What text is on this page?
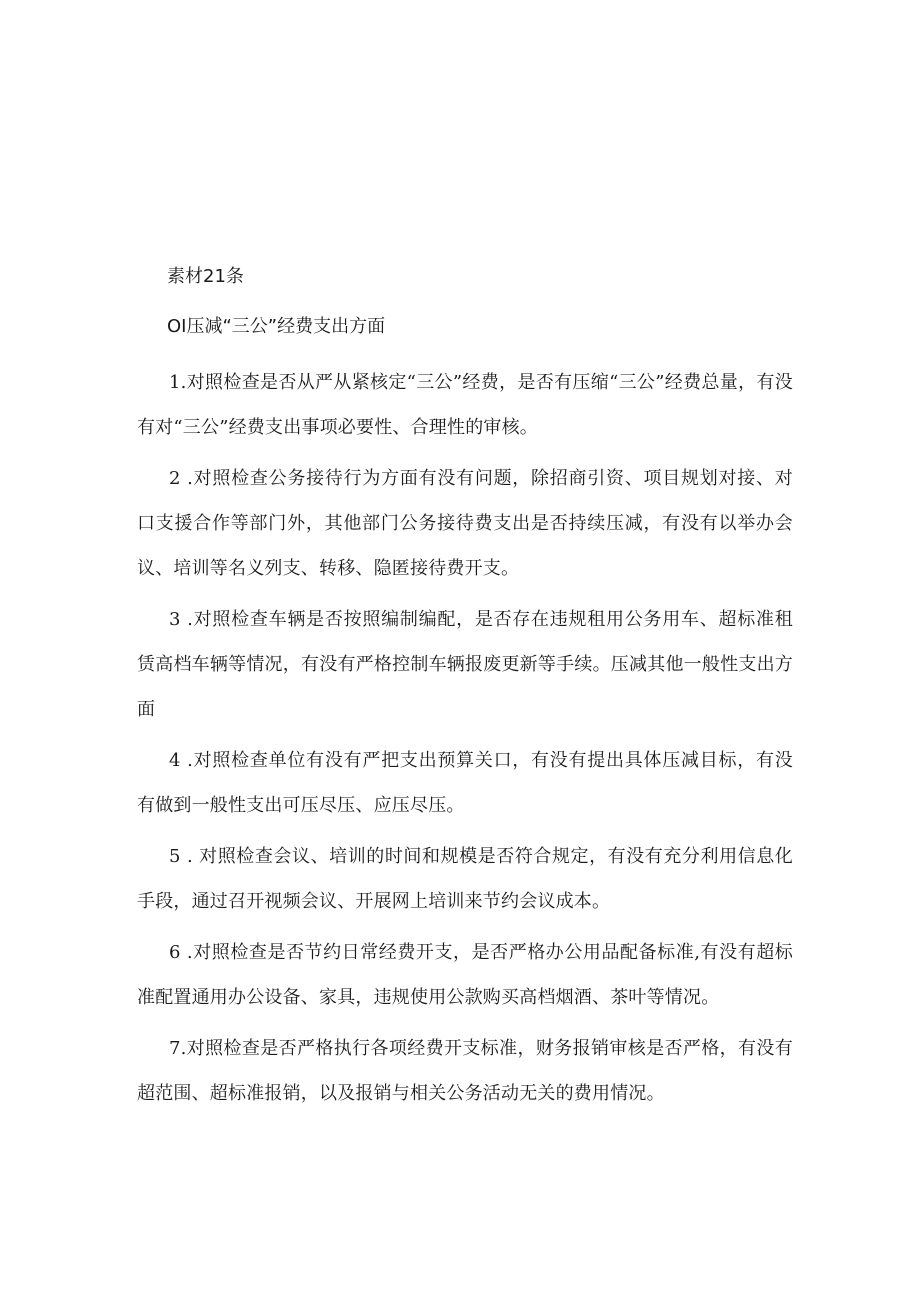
素材21条

OI压减“三公”经费支出方面

1.对照检查是否从严从紧核定“三公”经费，是否有压缩“三公”经费总量，有没有对“三公”经费支出事项必要性、合理性的审核。

2 .对照检查公务接待行为方面有没有问题，除招商引资、项目规划对接、对口支援合作等部门外，其他部门公务接待费支出是否持续压减，有没有以举办会议、培训等名义列支、转移、隐匿接待费开支。

3 .对照检查车辆是否按照编制编配，是否存在违规租用公务用车、超标准租赁高档车辆等情况，有没有严格控制车辆报废更新等手续。压减其他一般性支出方面

4 .对照检查单位有没有严把支出预算关口，有没有提出具体压减目标，有没有做到一般性支出可压尽压、应压尽压。

5 . 对照检查会议、培训的时间和规模是否符合规定，有没有充分利用信息化手段，通过召开视频会议、开展网上培训来节约会议成本。

6 .对照检查是否节约日常经费开支，是否严格办公用品配备标准,有没有超标准配置通用办公设备、家具，违规使用公款购买高档烟酒、茶叶等情况。

7.对照检查是否严格执行各项经费开支标准，财务报销审核是否严格，有没有超范围、超标准报销，以及报销与相关公务活动无关的费用情况。
